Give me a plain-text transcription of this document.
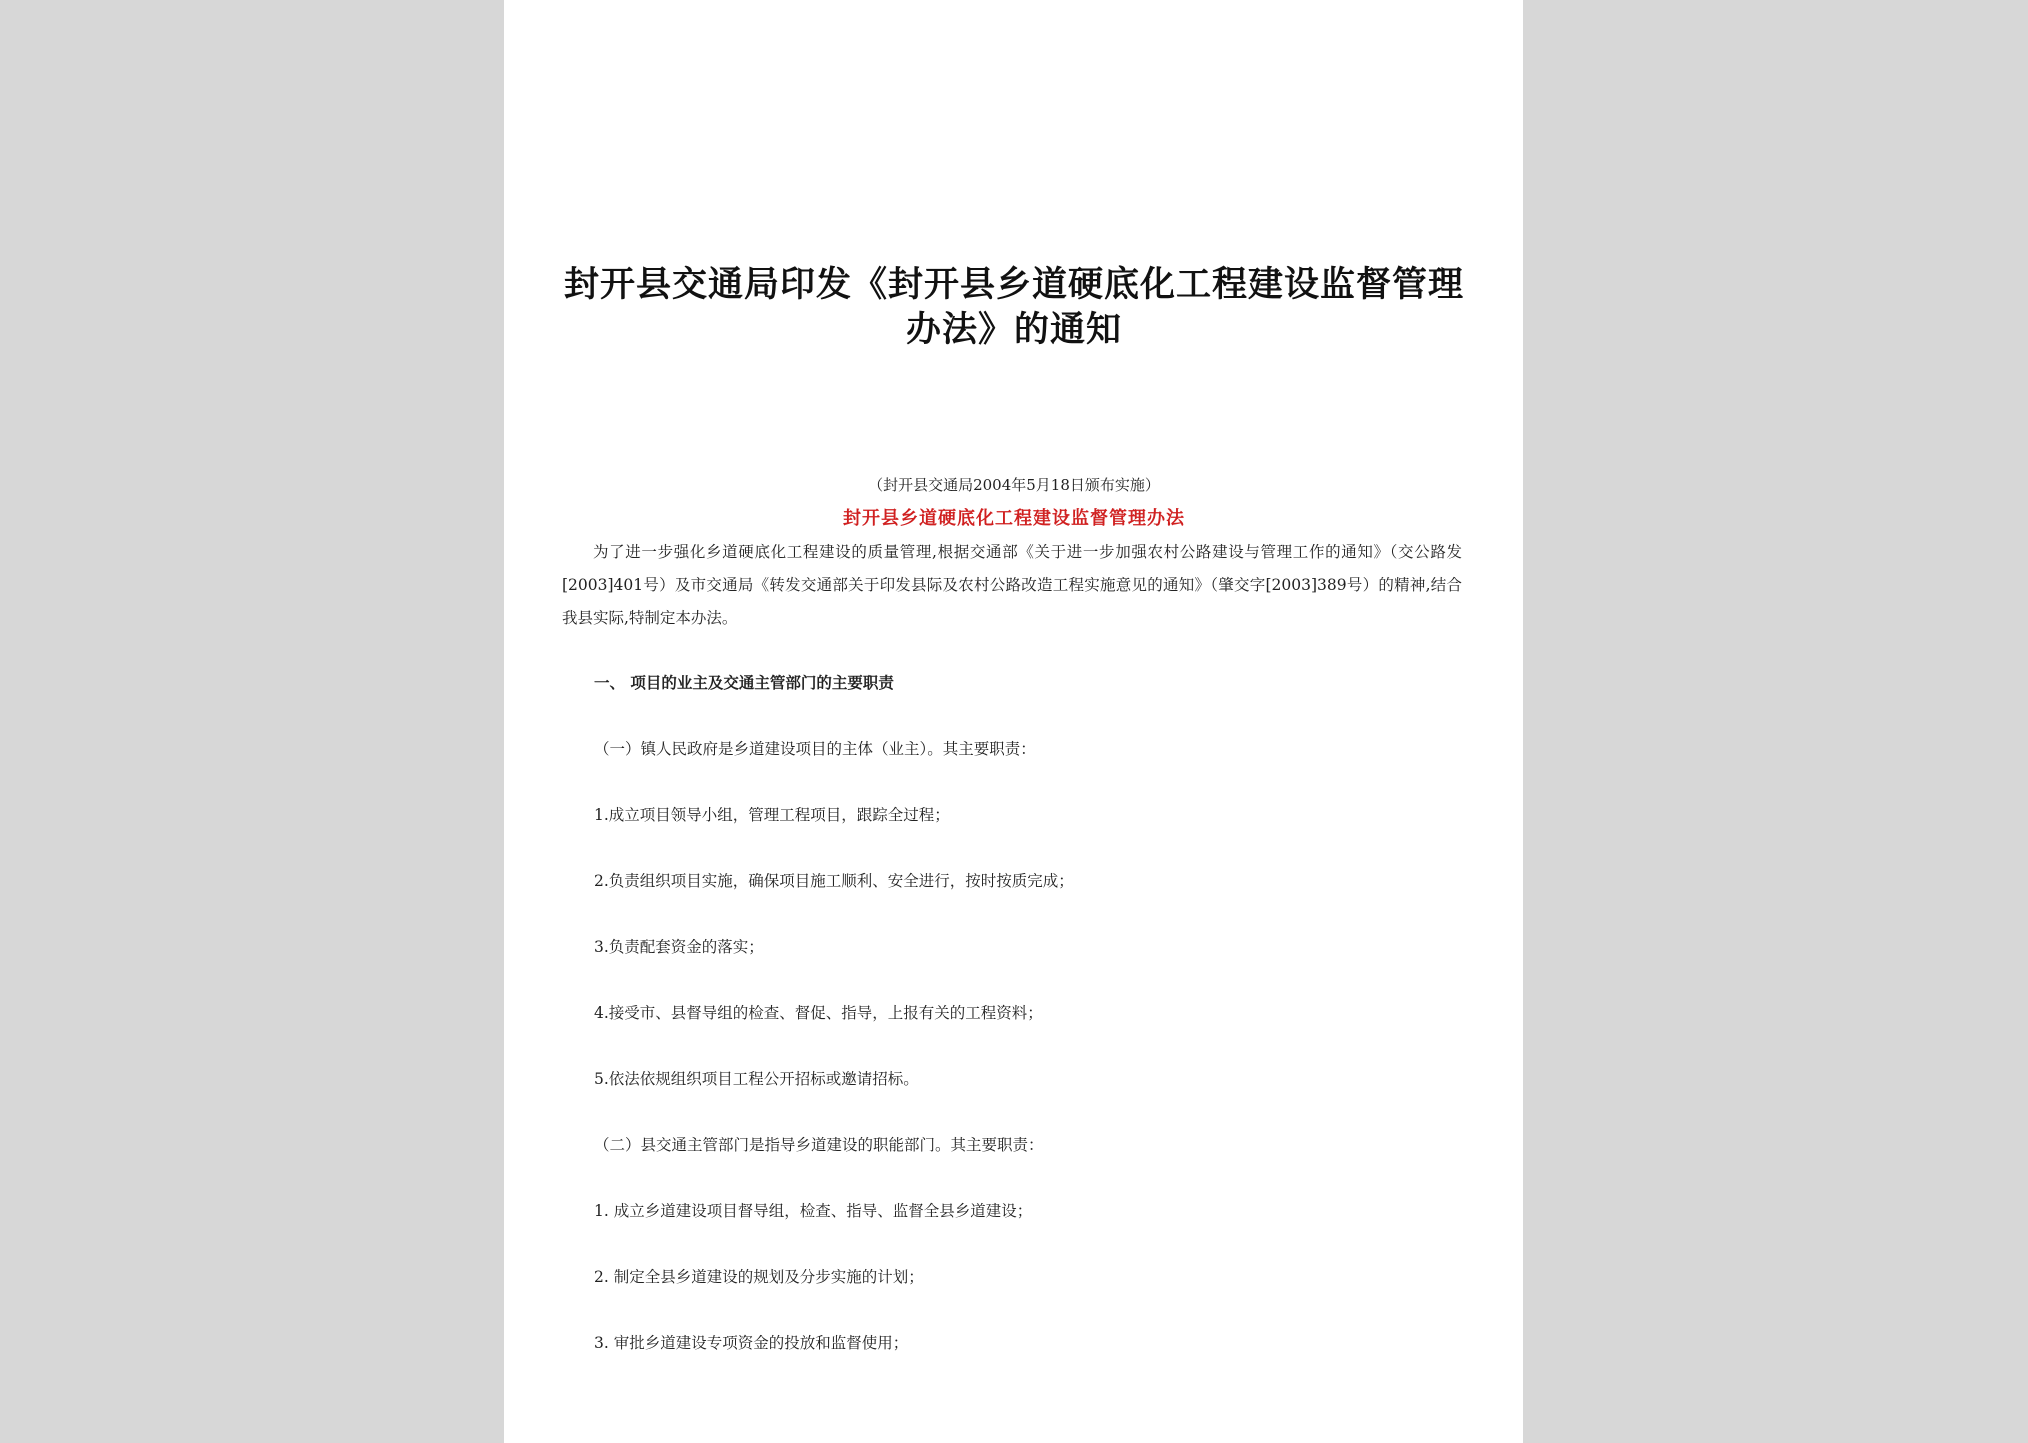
封开县交通局印发《封开县乡道硬底化工程建设监督管理办法》的通知
（封开县交通局2004年5月18日颁布实施）
封开县乡道硬底化工程建设监督管理办法
为了进一步强化乡道硬底化工程建设的质量管理,根据交通部《关于进一步加强农村公路建设与管理工作的通知》（交公路发[2003]401号）及市交通局《转发交通部关于印发县际及农村公路改造工程实施意见的通知》（肇交字[2003]389号）的精神,结合我县实际,特制定本办法。
一、 项目的业主及交通主管部门的主要职责
（一）镇人民政府是乡道建设项目的主体（业主）。其主要职责：
1.成立项目领导小组，管理工程项目，跟踪全过程；
2.负责组织项目实施，确保项目施工顺利、安全进行，按时按质完成；
3.负责配套资金的落实；
4.接受市、县督导组的检查、督促、指导，上报有关的工程资料；
5.依法依规组织项目工程公开招标或邀请招标。
（二）县交通主管部门是指导乡道建设的职能部门。其主要职责：
1. 成立乡道建设项目督导组，检查、指导、监督全县乡道建设；
2. 制定全县乡道建设的规划及分步实施的计划；
3. 审批乡道建设专项资金的投放和监督使用；
